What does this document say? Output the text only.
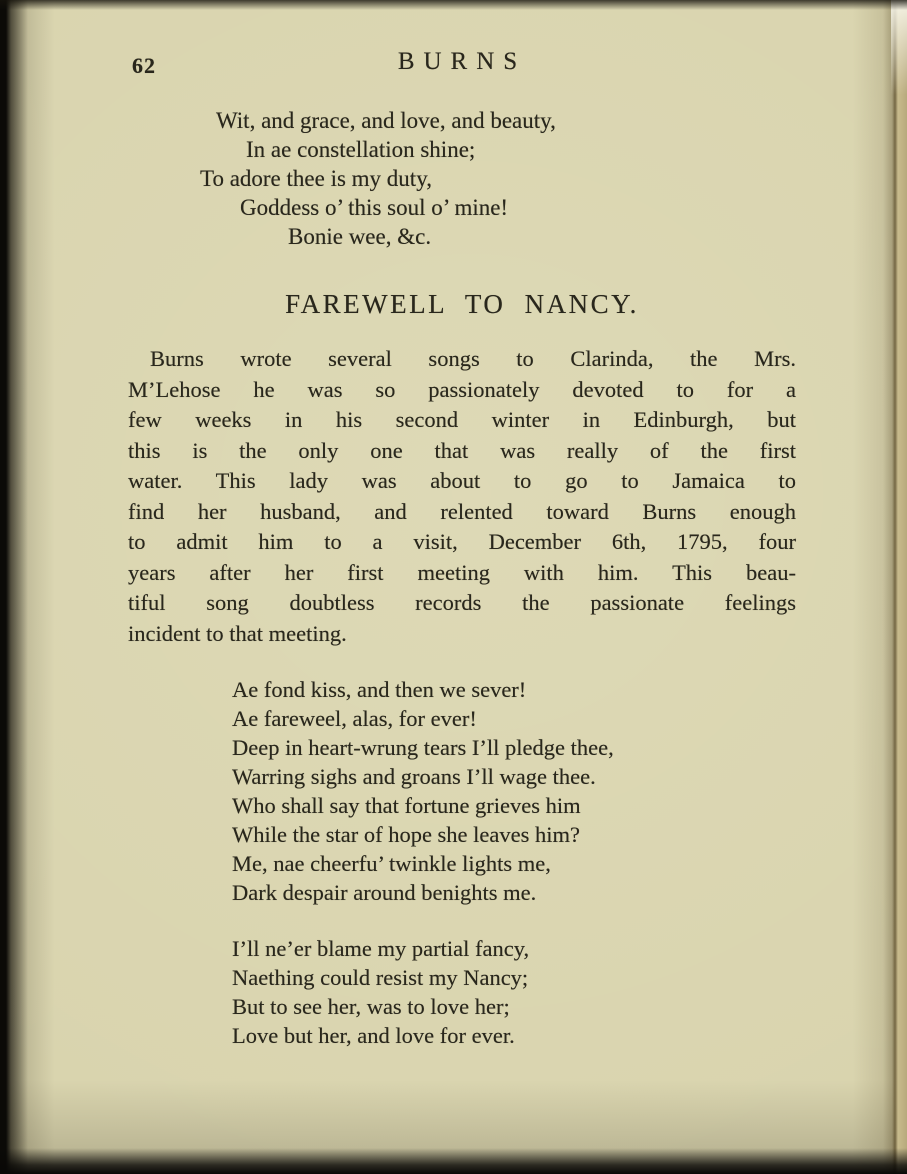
62	BURNS
Wit, and grace, and love, and beauty,
In ae constellation shine;
To adore thee is my duty,
Goddess o’ this soul o’ mine!
Bonie wee, &c.
FAREWELL TO NANCY.
Burns wrote several songs to Clarinda, the Mrs.
M’Lehose he was so passionately devoted to for a
few weeks in his second winter in Edinburgh, but
this is the only one that was really of the first
water. This lady was about to go to Jamaica to
find her husband, and relented toward Burns enough
to admit him to a visit, December 6th, 1795, four
years after her first meeting with him. This beau-
tiful song doubtless records the passionate feelings
incident to that meeting.
Ae fond kiss, and then we sever!
Ae fareweel, alas, for ever!
Deep in heart-wrung tears I’ll pledge thee,
Warring sighs and groans I’ll wage thee.
Who shall say that fortune grieves him
While the star of hope she leaves him?
Me, nae cheerfu’ twinkle lights me,
Dark despair around benights me.
I’ll ne’er blame my partial fancy,
Naething could resist my Nancy;
But to see her, was to love her;
Love but her, and love for ever.
